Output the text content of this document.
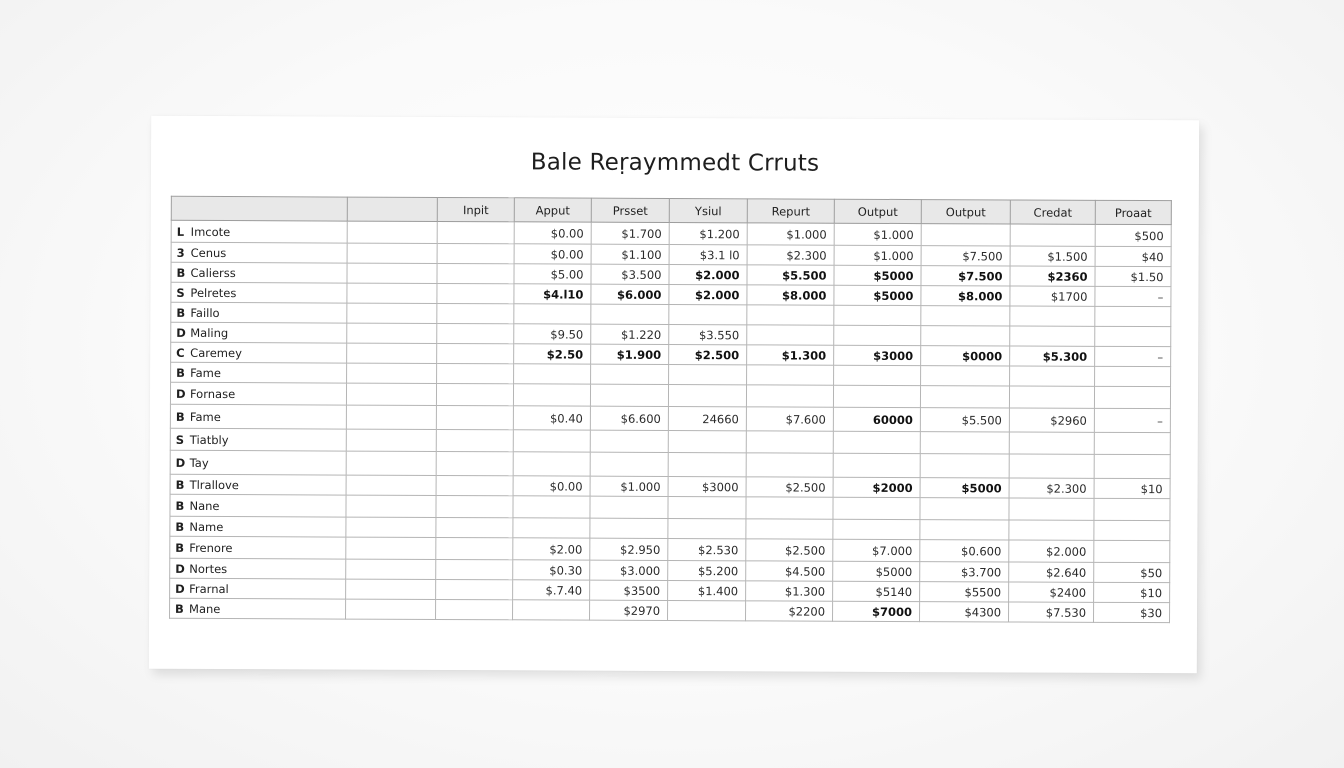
Bale Reṛaymmedt Crruts
		Inpit	Apput	Prsset	Ysiul	Repurt	Output	Output	Credat	Proaat
L Imcote			$0.00	$1.700	$1.200	$1.000	$1.000			$500
3 Cenus			$0.00	$1.100	$3.1 l0	$2.300	$1.000	$7.500	$1.500	$40
B Calierss			$5.00	$3.500	$2.000	$5.500	$5000	$7.500	$2360	$1.50
S Pelretes			$4.l10	$6.000	$2.000	$8.000	$5000	$8.000	$1700	–
B Faillo										
D Maling			$9.50	$1.220	$3.550					
C Caremey			$2.50	$1.900	$2.500	$1.300	$3000	$0000	$5.300	–
B Fame										
D Fornase										
B Fame			$0.40	$6.600	24660	$7.600	60000	$5.500	$2960	–
S Tiatbly										
D Tay										
B Tlrallove			$0.00	$1.000	$3000	$2.500	$2000	$5000	$2.300	$10
B Nane										
B Name										
B Frenore			$2.00	$2.950	$2.530	$2.500	$7.000	$0.600	$2.000	
D Nortes			$0.30	$3.000	$5.200	$4.500	$5000	$3.700	$2.640	$50
D Frarnal			$.7.40	$3500	$1.400	$1.300	$5140	$5500	$2400	$10
B Mane				$2970		$2200	$7000	$4300	$7.530	$30
